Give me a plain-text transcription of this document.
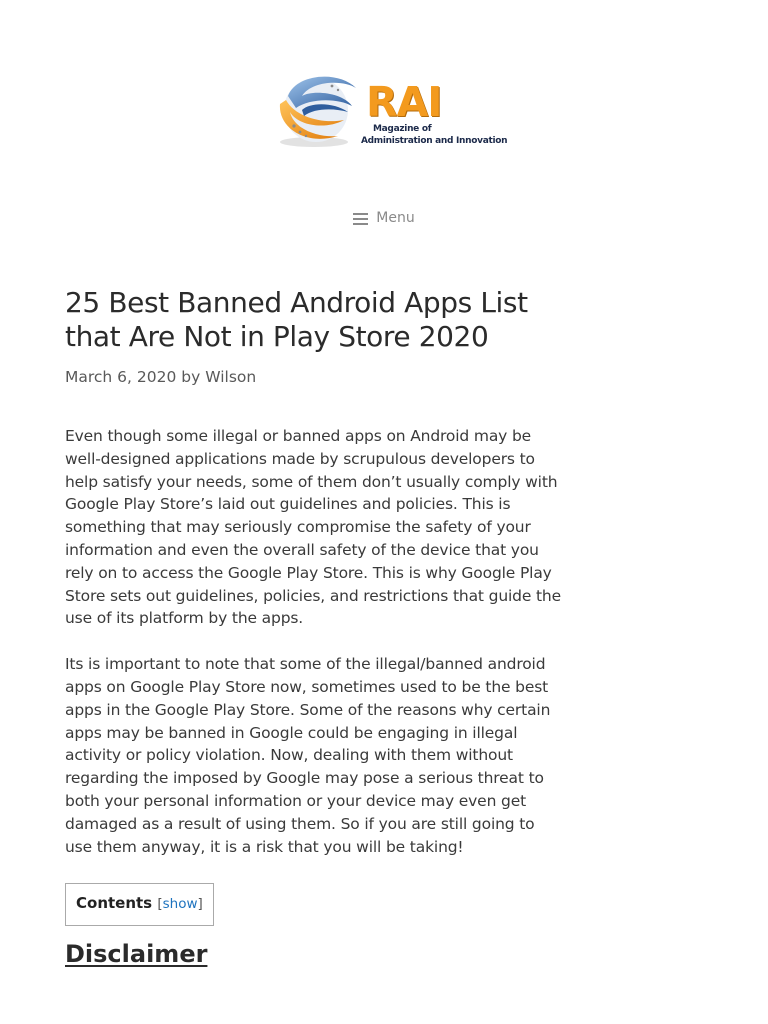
RAI
Magazine of
Administration and Innovation
Menu
25 Best Banned Android Apps List that Are Not in Play Store 2020
March 6, 2020 by Wilson

Even though some illegal or banned apps on Android may be well-designed applications made by scrupulous developers to help satisfy your needs, some of them don’t usually comply with Google Play Store’s laid out guidelines and policies. This is something that may seriously compromise the safety of your information and even the overall safety of the device that you rely on to access the Google Play Store. This is why Google Play Store sets out guidelines, policies, and restrictions that guide the use of its platform by the apps.

Its is important to note that some of the illegal/banned android apps on Google Play Store now, sometimes used to be the best apps in the Google Play Store. Some of the reasons why certain apps may be banned in Google could be engaging in illegal activity or policy violation. Now, dealing with them without regarding the imposed by Google may pose a serious threat to both your personal information or your device may even get damaged as a result of using them. So if you are still going to use them anyway, it is a risk that you will be taking!

Contents [show]
Disclaimer
